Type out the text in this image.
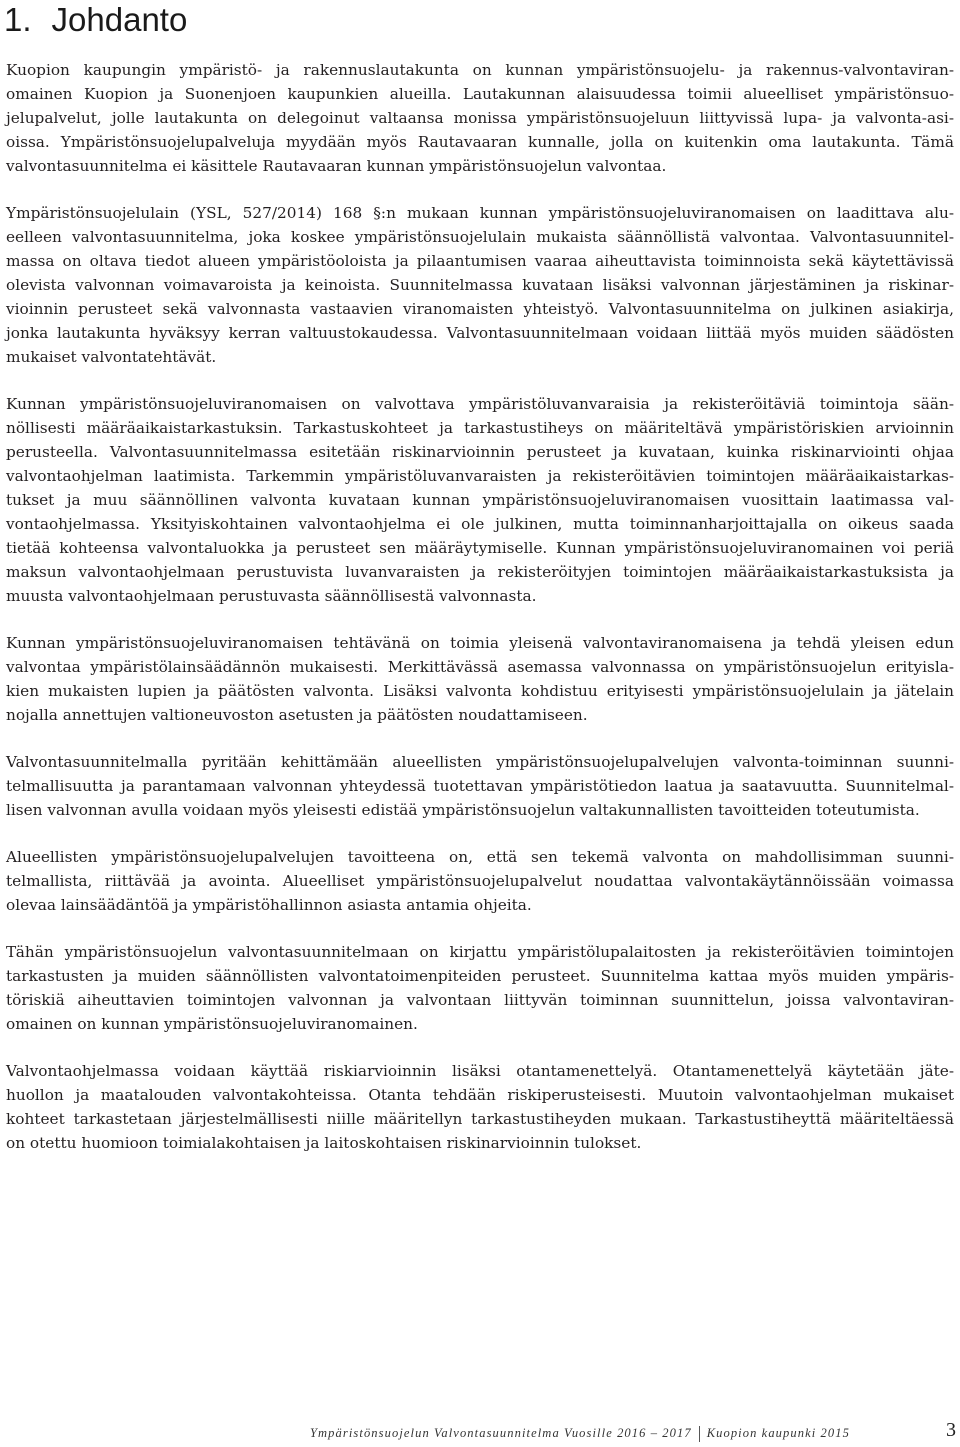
1. Johdanto
Kuopion kaupungin ympäristö- ja rakennuslautakunta on kunnan ympäristönsuojelu- ja rakennus-valvontaviran-
omainen Kuopion ja Suonenjoen kaupunkien alueilla. Lautakunnan alaisuudessa toimii alueelliset ympäristönsuo-
jelupalvelut, jolle lautakunta on delegoinut valtaansa monissa ympäristönsuojeluun liittyvissä lupa- ja valvonta-asi-
oissa. Ympäristönsuojelupalveluja myydään myös Rautavaaran kunnalle, jolla on kuitenkin oma lautakunta. Tämä
valvontasuunnitelma ei käsittele Rautavaaran kunnan ympäristönsuojelun valvontaa.
Ympäristönsuojelulain (YSL, 527/2014) 168 §:n mukaan kunnan ympäristönsuojeluviranomaisen on laadittava alu-
eelleen valvontasuunnitelma, joka koskee ympäristönsuojelulain mukaista säännöllistä valvontaa. Valvontasuunnitel-
massa on oltava tiedot alueen ympäristöoloista ja pilaantumisen vaaraa aiheuttavista toiminnoista sekä käytettävissä
olevista valvonnan voimavaroista ja keinoista. Suunnitelmassa kuvataan lisäksi valvonnan järjestäminen ja riskinar-
vioinnin perusteet sekä valvonnasta vastaavien viranomaisten yhteistyö. Valvontasuunnitelma on julkinen asiakirja,
jonka lautakunta hyväksyy kerran valtuustokaudessa. Valvontasuunnitelmaan voidaan liittää myös muiden säädösten
mukaiset valvontatehtävät.
Kunnan ympäristönsuojeluviranomaisen on valvottava ympäristöluvanvaraisia ja rekisteröitäviä toimintoja sään-
nöllisesti määräaikaistarkastuksin. Tarkastuskohteet ja tarkastustiheys on määriteltävä ympäristöriskien arvioinnin
perusteella. Valvontasuunnitelmassa esitetään riskinarvioinnin perusteet ja kuvataan, kuinka riskinarviointi ohjaa
valvontaohjelman laatimista. Tarkemmin ympäristöluvanvaraisten ja rekisteröitävien toimintojen määräaikaistarkas-
tukset ja muu säännöllinen valvonta kuvataan kunnan ympäristönsuojeluviranomaisen vuosittain laatimassa val-
vontaohjelmassa. Yksityiskohtainen valvontaohjelma ei ole julkinen, mutta toiminnanharjoittajalla on oikeus saada
tietää kohteensa valvontaluokka ja perusteet sen määräytymiselle. Kunnan ympäristönsuojeluviranomainen voi periä
maksun valvontaohjelmaan perustuvista luvanvaraisten ja rekisteröityjen toimintojen määräaikaistarkastuksista ja
muusta valvontaohjelmaan perustuvasta säännöllisestä valvonnasta.
Kunnan ympäristönsuojeluviranomaisen tehtävänä on toimia yleisenä valvontaviranomaisena ja tehdä yleisen edun
valvontaa ympäristölainsäädännön mukaisesti. Merkittävässä asemassa valvonnassa on ympäristönsuojelun erityisla-
kien mukaisten lupien ja päätösten valvonta. Lisäksi valvonta kohdistuu erityisesti ympäristönsuojelulain ja jätelain
nojalla annettujen valtioneuvoston asetusten ja päätösten noudattamiseen.
Valvontasuunnitelmalla pyritään kehittämään alueellisten ympäristönsuojelupalvelujen valvonta-toiminnan suunni-
telmallisuutta ja parantamaan valvonnan yhteydessä tuotettavan ympäristötiedon laatua ja saatavuutta. Suunnitelmal-
lisen valvonnan avulla voidaan myös yleisesti edistää ympäristönsuojelun valtakunnallisten tavoitteiden toteutumista.
Alueellisten ympäristönsuojelupalvelujen tavoitteena on, että sen tekemä valvonta on mahdollisimman suunni-
telmallista, riittävää ja avointa. Alueelliset ympäristönsuojelupalvelut noudattaa valvontakäytännöissään voimassa
olevaa lainsäädäntöä ja ympäristöhallinnon asiasta antamia ohjeita.
Tähän ympäristönsuojelun valvontasuunnitelmaan on kirjattu ympäristölupalaitosten ja rekisteröitävien toimintojen
tarkastusten ja muiden säännöllisten valvontatoimenpiteiden perusteet. Suunnitelma kattaa myös muiden ympäris-
töriskiä aiheuttavien toimintojen valvonnan ja valvontaan liittyvän toiminnan suunnittelun, joissa valvontaviran-
omainen on kunnan ympäristönsuojeluviranomainen.
Valvontaohjelmassa voidaan käyttää riskiarvioinnin lisäksi otantamenettelyä. Otantamenettelyä käytetään jäte-
huollon ja maatalouden valvontakohteissa. Otanta tehdään riskiperusteisesti. Muutoin valvontaohjelman mukaiset
kohteet tarkastetaan järjestelmällisesti niille määritellyn tarkastustiheyden mukaan. Tarkastustiheyttä määriteltäessä
on otettu huomioon toimialakohtaisen ja laitoskohtaisen riskinarvioinnin tulokset.
Ympäristönsuojelun Valvontasuunnitelma Vuosille 2016 – 2017 Kuopion kaupunki 2015	3
